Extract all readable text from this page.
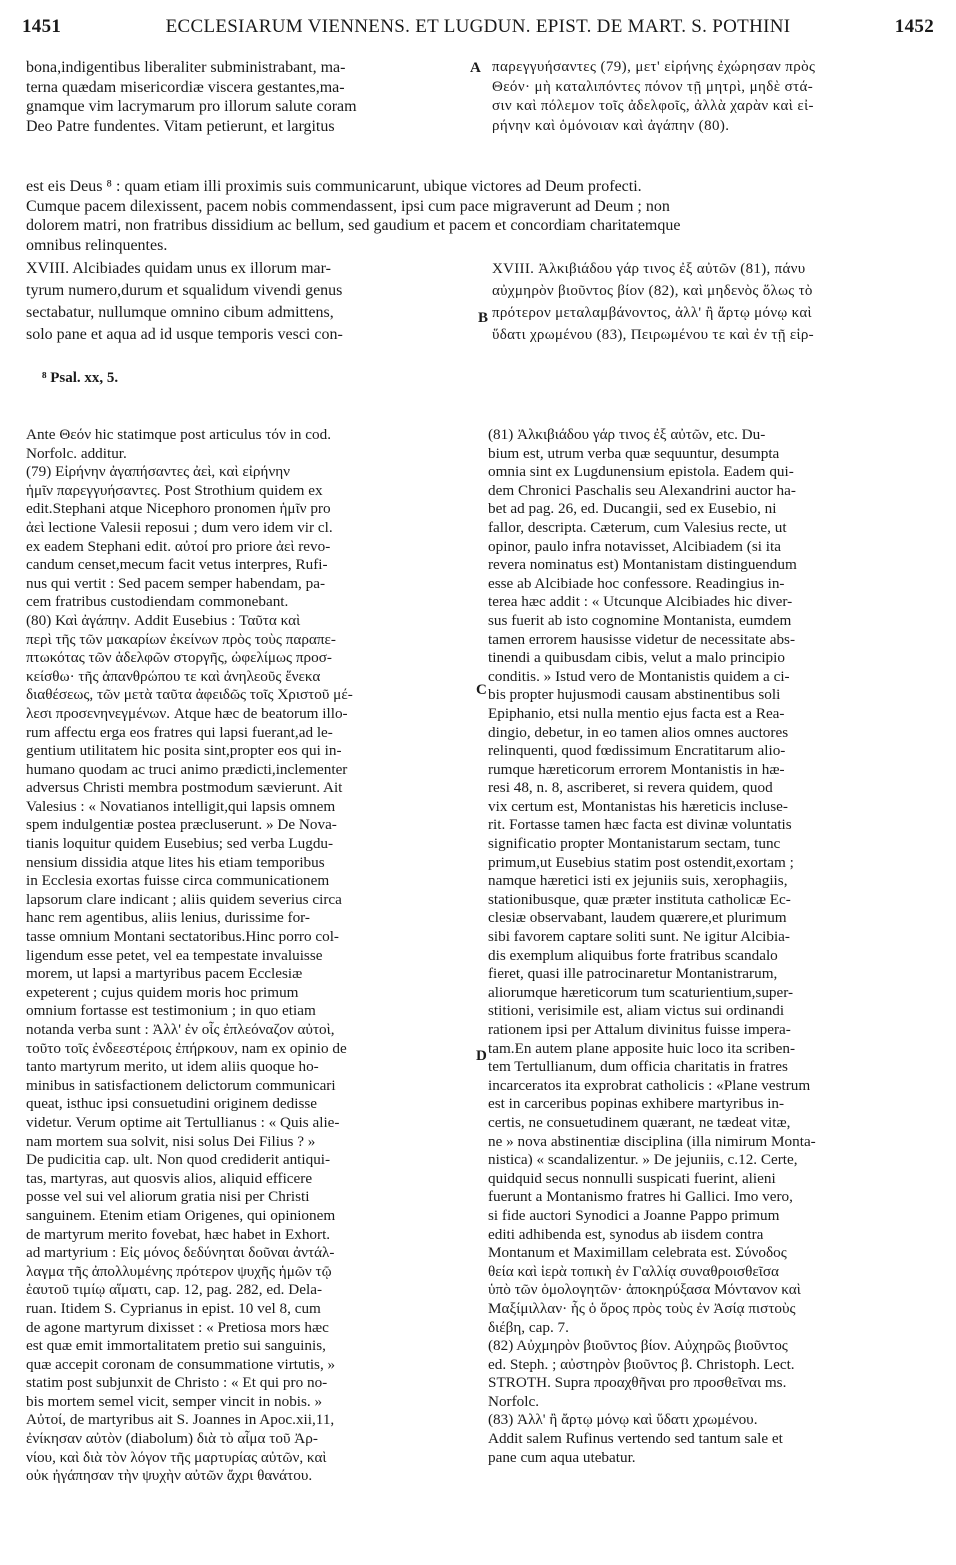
1451	ECCLESIARUM VIENNENS. ET LUGDUN. EPIST. DE MART. S. POTHINI	1452
bona,indigentibus liberaliter subministrabant, ma-
terna quædam misericordiæ viscera gestantes,ma-
gnamque vim lacrymarum pro illorum salute coram
Deo Patre fundentes. Vitam petierunt, et largitus
A παρεγγυήσαντες (79), μετ' εἰρήνης ἐχώρησαν πρὸς
Θεόν· μὴ καταλιπόντες πόνον τῇ μητρὶ, μηδὲ στά-
σιν καὶ πόλεμον τοῖς ἀδελφοῖς, ἀλλὰ χαρὰν καὶ εἰ-
ρήνην καὶ ὁμόνοιαν καὶ ἀγάπην (80).
est eis Deus ⁸ : quam etiam illi proximis suis communicarunt, ubique victores ad Deum profecti.
Cumque pacem dilexissent, pacem nobis commendassent, ipsi cum pace migraverunt ad Deum ; non
dolorem matri, non fratribus dissidium ac bellum, sed gaudium et pacem et concordiam charitatemque
omnibus relinquentes.
XVIII. Alcibiades quidam unus ex illorum mar-
tyrum numero,durum et squalidum vivendi genus
sectabatur, nullumque omnino cibum admittens,
solo pane et aqua ad id usque temporis vesci con-
B
XVIII. Ἀλκιβιάδου γάρ τινος ἐξ αὐτῶν (81), πάνυ
αὐχμηρὸν βιοῦντος βίον (82), καὶ μηδενὸς ὅλως τὸ
πρότερον μεταλαμβάνοντος, ἀλλ' ἢ ἄρτῳ μόνῳ καὶ
ὕδατι χρωμένου (83), Πειρωμένου τε καὶ ἐν τῇ εἱρ-
⁸ Psal. xx, 5.
Ante Θεόν hic statimque post articulus τόν in cod.
Norfolc. additur.
(79) Εἰρήνην ἀγαπήσαντες ἀεὶ, καὶ εἰρήνην
ἡμῖν παρεγγυήσαντες. Post Strothium quidem ex
edit.Stephani atque Nicephoro pronomen ἡμῖν pro
ἀεὶ lectione Valesii reposui ; dum vero idem vir cl.
ex eadem Stephani edit. αὐτοί pro priore ἀεὶ revo-
candum censet,mecum facit vetus interpres, Rufi-
nus qui vertit : Sed pacem semper habendam, pa-
cem fratribus custodiendam commonebant.
(80) Καὶ ἀγάπην. Addit Eusebius : Ταῦτα καὶ
περὶ τῆς τῶν μακαρίων ἐκείνων πρὸς τοὺς παραπε-
πτωκότας τῶν ἀδελφῶν στοργῆς, ὠφελίμως προσ-
κείσθω· τῆς ἀπανθρώπου τε καὶ ἀνηλεοῦς ἕνεκα
διαθέσεως, τῶν μετὰ ταῦτα ἀφειδῶς τοῖς Χριστοῦ μέ-
λεσι προσενηνεγμένων. Atque hæc de beatorum illo-
rum affectu erga eos fratres qui lapsi fuerant,ad le-
gentium utilitatem hic posita sint,propter eos qui in-
humano quodam ac truci animo prædicti,inclementer
adversus Christi membra postmodum sævierunt. Ait
Valesius : « Novatianos intelligit,qui lapsis omnem
spem indulgentiæ postea præcluserunt. » De Nova-
tianis loquitur quidem Eusebius; sed verba Lugdu-
nensium dissidia atque lites his etiam temporibus
in Ecclesia exortas fuisse circa communicationem
lapsorum clare indicant ; aliis quidem severius circa
hanc rem agentibus, aliis lenius, durissime for-
tasse omnium Montani sectatoribus.Hinc porro col-
ligendum esse petet, vel ea tempestate invaluisse
morem, ut lapsi a martyribus pacem Ecclesiæ
expeterent ; cujus quidem moris hoc primum
omnium fortasse est testimonium ; in quo etiam
notanda verba sunt : Ἀλλ' ἐν οἷς ἐπλεόναζον αὐτοὶ,
τοῦτο τοῖς ἐνδεεστέροις ἐπήρκουν, nam ex opinio de
tanto martyrum merito, ut idem aliis quoque ho-
minibus in satisfactionem delictorum communicari
queat, isthuc ipsi consuetudini originem dedisse
videtur. Verum optime ait Tertullianus : « Quis alie-
nam mortem sua solvit, nisi solus Dei Filius ? »
De pudicitia cap. ult. Non quod crediderit antiqui-
tas, martyras, aut quosvis alios, aliquid efficere
posse vel sui vel aliorum gratia nisi per Christi
sanguinem. Etenim etiam Origenes, qui opinionem
de martyrum merito fovebat, hæc habet in Exhort.
ad martyrium : Εἰς μόνος δεδύνηται δοῦναι ἀντάλ-
λαγμα τῆς ἀπολλυμένης πρότερον ψυχῆς ἡμῶν τῷ
ἑαυτοῦ τιμίῳ αἵματι, cap. 12, pag. 282, ed. Dela-
ruan. Itidem S. Cyprianus in epist. 10 vel 8, cum
de agone martyrum dixisset : « Pretiosa mors hæc
est quæ emit immortalitatem pretio sui sanguinis,
quæ accepit coronam de consummatione virtutis, »
statim post subjunxit de Christo : « Et qui pro no-
bis mortem semel vicit, semper vincit in nobis. »
Αὐτοί, de martyribus ait S. Joannes in Apoc.xii,11,
ἐνίκησαν αὐτὸν (diabolum) διὰ τὸ αἷμα τοῦ Ἀρ-
νίου, καὶ διὰ τὸν λόγον τῆς μαρτυρίας αὐτῶν, καὶ
οὐκ ἠγάπησαν τὴν ψυχὴν αὐτῶν ἄχρι θανάτου.
C
D
(81) Ἀλκιβιάδου γάρ τινος ἐξ αὐτῶν, etc. Du-
bium est, utrum verba quæ sequuntur, desumpta
omnia sint ex Lugdunensium epistola. Eadem qui-
dem Chronici Paschalis seu Alexandrini auctor ha-
bet ad pag. 26, ed. Ducangii, sed ex Eusebio, ni
fallor, descripta. Cæterum, cum Valesius recte, ut
opinor, paulo infra notavisset, Alcibiadem (si ita
revera nominatus est) Montanistam distinguendum
esse ab Alcibiade hoc confessore. Readingius in-
terea hæc addit : « Utcunque Alcibiades hic diver-
sus fuerit ab isto cognomine Montanista, eumdem
tamen errorem hausisse videtur de necessitate abs-
tinendi a quibusdam cibis, velut a malo principio
conditis. » Istud vero de Montanistis quidem a ci-
bis propter hujusmodi causam abstinentibus soli
Epiphanio, etsi nulla mentio ejus facta est a Rea-
dingio, debetur, in eo tamen alios omnes auctores
relinquenti, quod fœdissimum Encratitarum alio-
rumque hæreticorum errorem Montanistis in hæ-
resi 48, n. 8, ascriberet, si revera quidem, quod
vix certum est, Montanistas his hæreticis incluse-
rit. Fortasse tamen hæc facta est divinæ voluntatis
significatio propter Montanistarum sectam, tunc
primum,ut Eusebius statim post ostendit,exortam ;
namque hæretici isti ex jejuniis suis, xerophagiis,
stationibusque, quæ præter instituta catholicæ Ec-
clesiæ observabant, laudem quærere,et plurimum
sibi favorem captare soliti sunt. Ne igitur Alcibia-
dis exemplum aliquibus forte fratribus scandalo
fieret, quasi ille patrocinaretur Montanistrarum,
aliorumque hæreticorum tum scaturientium,super-
stitioni, verisimile est, aliam victus sui ordinandi
rationem ipsi per Attalum divinitus fuisse impera-
tam.En autem plane apposite huic loco ita scriben-
tem Tertullianum, dum officia charitatis in fratres
incarceratos ita exprobrat catholicis : «Plane vestrum
est in carceribus popinas exhibere martyribus in-
certis, ne consuetudinem quærant, ne tædeat vitæ,
ne » nova abstinentiæ disciplina (illa nimirum Monta-
nistica) « scandalizentur. » De jejuniis, c.12. Certe,
quidquid secus nonnulli suspicati fuerint, alieni
fuerunt a Montanismo fratres hi Gallici. Imo vero,
si fide auctori Synodici a Joanne Pappo primum
editi adhibenda est, synodus ab iisdem contra
Montanum et Maximillam celebrata est. Σύνοδος
θεία καὶ ἱερὰ τοπικὴ ἐν Γαλλίᾳ συναθροισθεῖσα
ὑπὸ τῶν ὁμολογητῶν· ἀποκηρύξασα Μόντανον καὶ
Μαξίμιλλαν· ἧς ὁ ὅρος πρὸς τοὺς ἐν Ἀσίᾳ πιστοὺς
διέβη, cap. 7.
(82) Αὐχμηρὸν βιοῦντος βίον. Αὐχηρῶς βιοῦντος
ed. Steph. ; αὐστηρὸν βιοῦντος β. Christoph. Lect.
STROTH. Supra προαχθῆναι pro προσθεῖναι ms.
Norfolc.
(83) Ἀλλ' ἢ ἄρτῳ μόνῳ καὶ ὕδατι χρωμένου.
Addit salem Rufinus vertendo sed tantum sale et
pane cum aqua utebatur.
